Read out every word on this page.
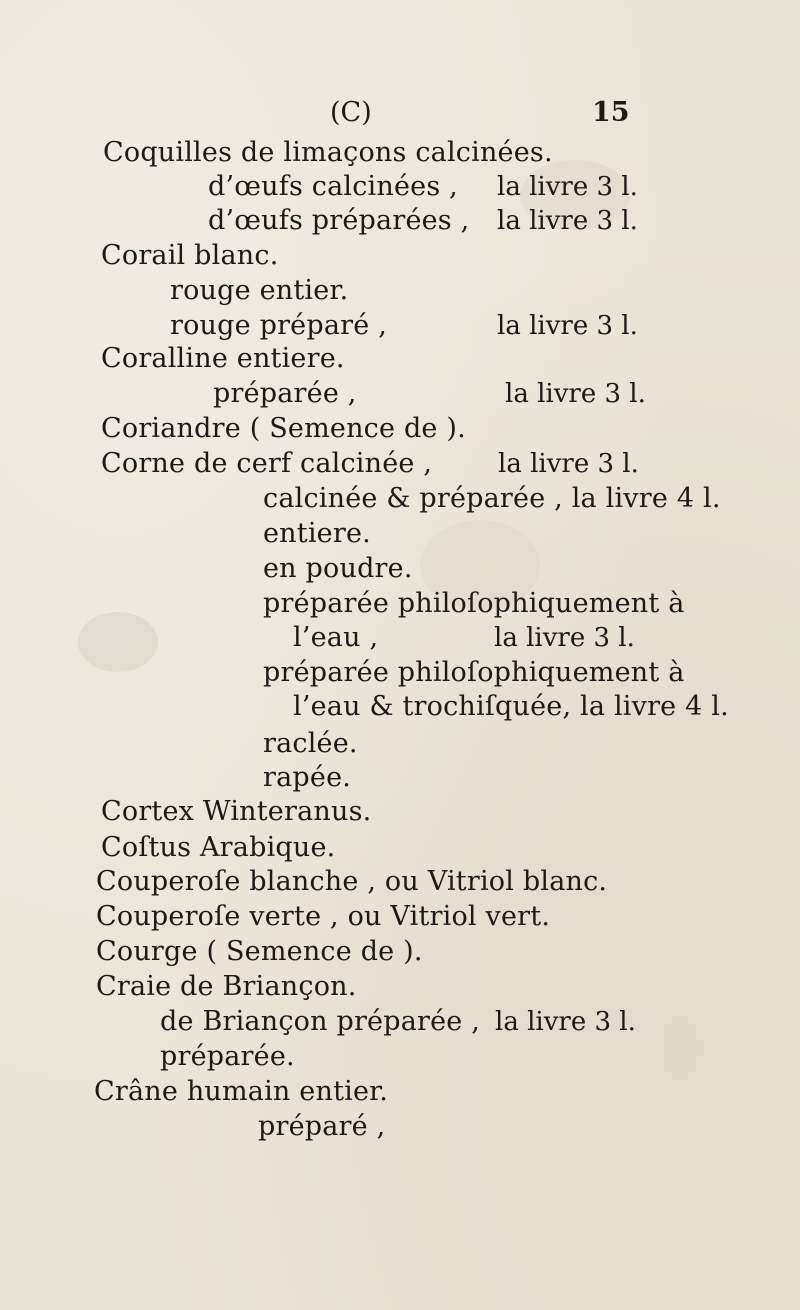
(C)	15
Coquilles de limaçons calcinées.
d’œufs calcinées , la livre 3 l.
d’œufs préparées , la livre 3 l.
Corail blanc.
rouge entier.
rouge préparé ,	la livre 3 l.
Coralline entiere.
préparée ,	la livre 3 l.
Coriandre ( Semence de ).
Corne de cerf calcinée ,	la livre 3 l.
calcinée & préparée , la livre 4 l.
entiere.
en poudre.
préparée philoſophiquement à
l’eau ,	la livre 3 l.
préparée philoſophiquement à
l’eau & trochiſquée, la livre 4 l.
raclée.
rapée.
Cortex Winteranus.
Coſtus Arabique.
Couperoſe blanche , ou Vitriol blanc.
Couperoſe verte , ou Vitriol vert.
Courge ( Semence de ).
Craie de Briançon.
de Briançon préparée , la livre 3 l.
préparée.
Crâne humain entier.
préparé ,
